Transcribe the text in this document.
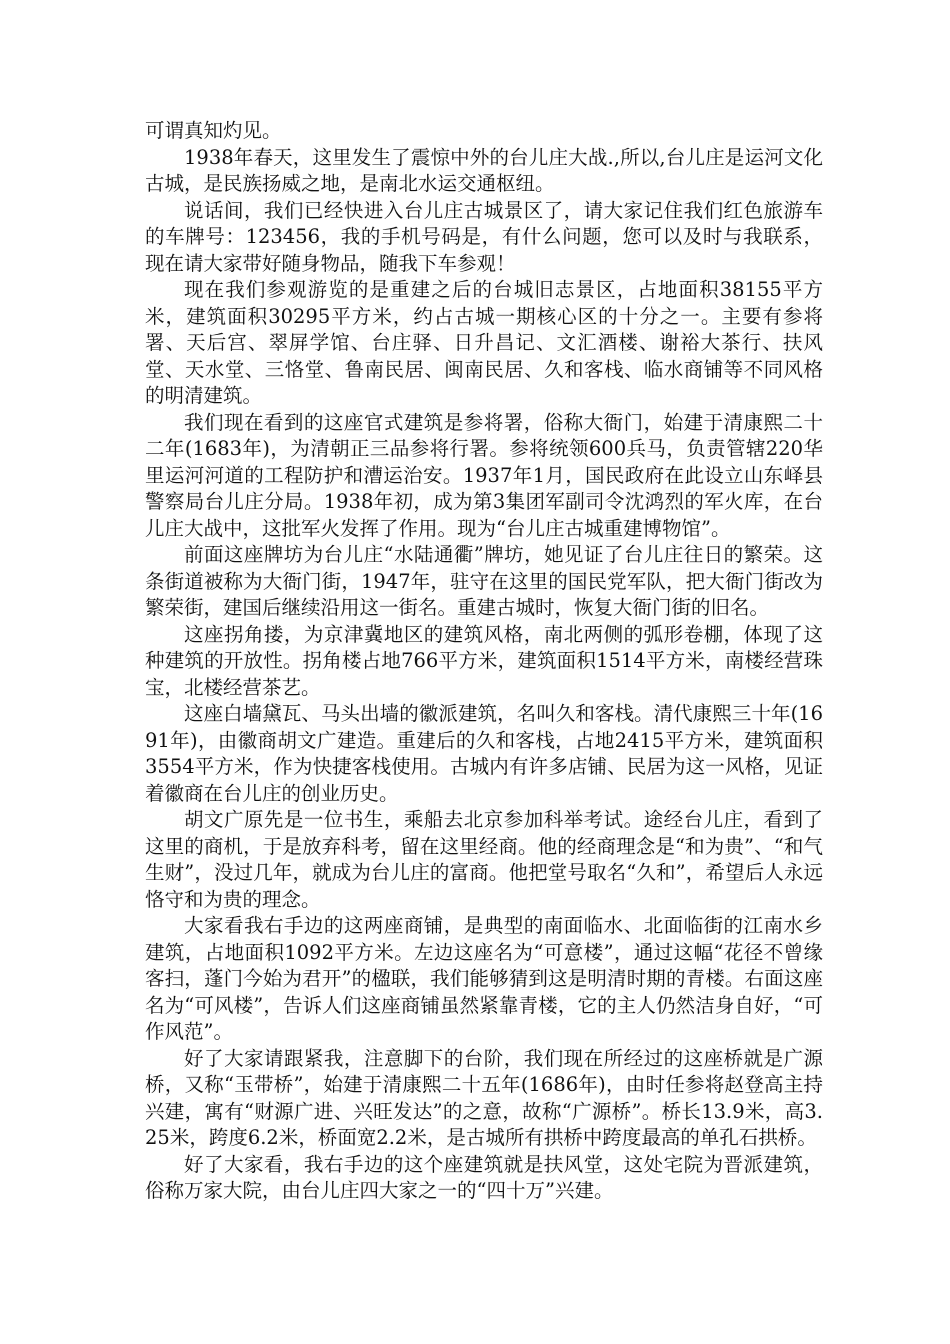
可谓真知灼见。

1938年春天，这里发生了震惊中外的台儿庄大战.,所以,台儿庄是运河文化古城，是民族扬威之地，是南北水运交通枢纽。

说话间，我们已经快进入台儿庄古城景区了，请大家记住我们红色旅游车的车牌号：123456，我的手机号码是，有什么问题，您可以及时与我联系，现在请大家带好随身物品，随我下车参观！

现在我们参观游览的是重建之后的台城旧志景区，占地面积38155平方米，建筑面积30295平方米，约占古城一期核心区的十分之一。主要有参将署、天后宫、翠屏学馆、台庄驿、日升昌记、文汇酒楼、谢裕大茶行、扶风堂、天水堂、三恪堂、鲁南民居、闽南民居、久和客栈、临水商铺等不同风格的明清建筑。

我们现在看到的这座官式建筑是参将署，俗称大衙门，始建于清康熙二十二年(1683年)，为清朝正三品参将行署。参将统领600兵马，负责管辖220华里运河河道的工程防护和漕运治安。1937年1月，国民政府在此设立山东峄县警察局台儿庄分局。1938年初，成为第3集团军副司令沈鸿烈的军火库，在台儿庄大战中，这批军火发挥了作用。现为“台儿庄古城重建博物馆”。

前面这座牌坊为台儿庄“水陆通衢”牌坊，她见证了台儿庄往日的繁荣。这条街道被称为大衙门街，1947年，驻守在这里的国民党军队，把大衙门街改为繁荣街，建国后继续沿用这一街名。重建古城时，恢复大衙门街的旧名。

这座拐角搂，为京津冀地区的建筑风格，南北两侧的弧形卷棚，体现了这种建筑的开放性。拐角楼占地766平方米，建筑面积1514平方米，南楼经营珠宝，北楼经营茶艺。

这座白墙黛瓦、马头出墙的徽派建筑，名叫久和客栈。清代康熙三十年(1691年)，由徽商胡文广建造。重建后的久和客栈，占地2415平方米，建筑面积3554平方米，作为快捷客栈使用。古城内有许多店铺、民居为这一风格，见证着徽商在台儿庄的创业历史。

胡文广原先是一位书生，乘船去北京参加科举考试。途经台儿庄，看到了这里的商机，于是放弃科考，留在这里经商。他的经商理念是“和为贵”、“和气生财”，没过几年，就成为台儿庄的富商。他把堂号取名“久和”，希望后人永远恪守和为贵的理念。

大家看我右手边的这两座商铺，是典型的南面临水、北面临街的江南水乡建筑，占地面积1092平方米。左边这座名为“可意楼”，通过这幅“花径不曾缘客扫，蓬门今始为君开”的楹联，我们能够猜到这是明清时期的青楼。右面这座名为“可风楼”，告诉人们这座商铺虽然紧靠青楼，它的主人仍然洁身自好，“可作风范”。

好了大家请跟紧我，注意脚下的台阶，我们现在所经过的这座桥就是广源桥，又称“玉带桥”，始建于清康熙二十五年(1686年)，由时任参将赵登高主持兴建，寓有“财源广进、兴旺发达”的之意，故称“广源桥”。桥长13.9米，高3.25米，跨度6.2米，桥面宽2.2米，是古城所有拱桥中跨度最高的单孔石拱桥。

好了大家看，我右手边的这个座建筑就是扶风堂，这处宅院为晋派建筑，俗称万家大院，由台儿庄四大家之一的“四十万”兴建。
